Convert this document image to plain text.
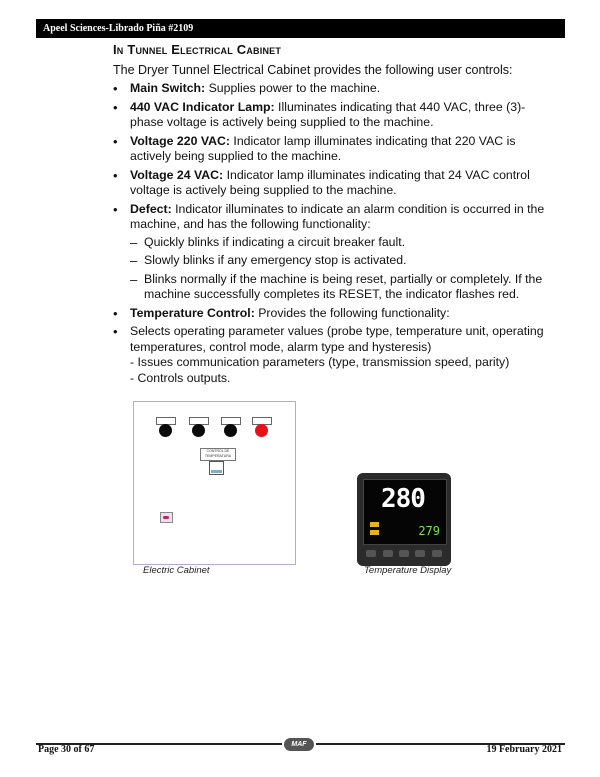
Apeel Sciences-Librado Piña #2109
In Tunnel Electrical Cabinet

The Dryer Tunnel Electrical Cabinet provides the following user controls:

• Main Switch: Supplies power to the machine.
• 440 VAC Indicator Lamp: Illuminates indicating that 440 VAC, three (3)-phase voltage is actively being supplied to the machine.
• Voltage 220 VAC: Indicator lamp illuminates indicating that 220 VAC is actively being supplied to the machine.
• Voltage 24 VAC: Indicator lamp illuminates indicating that 24 VAC control voltage is actively being supplied to the machine.
• Defect: Indicator illuminates to indicate an alarm condition is occurred in the machine, and has the following functionality:
– Quickly blinks if indicating a circuit breaker fault.
– Slowly blinks if any emergency stop is activated.
– Blinks normally if the machine is being reset, partially or completely. If the machine successfully completes its RESET, the indicator flashes red.
• Temperature Control: Provides the following functionality:
• Selects operating parameter values (probe type, temperature unit, operating temperatures, control mode, alarm type and hysteresis)
- Issues communication parameters (type, transmission speed, parity)
- Controls outputs.
CONTROL DE TEMPERATURA
Electric Cabinet
280
279
Temperature Display
MAF
Page 30 of 67	19 February 2021
